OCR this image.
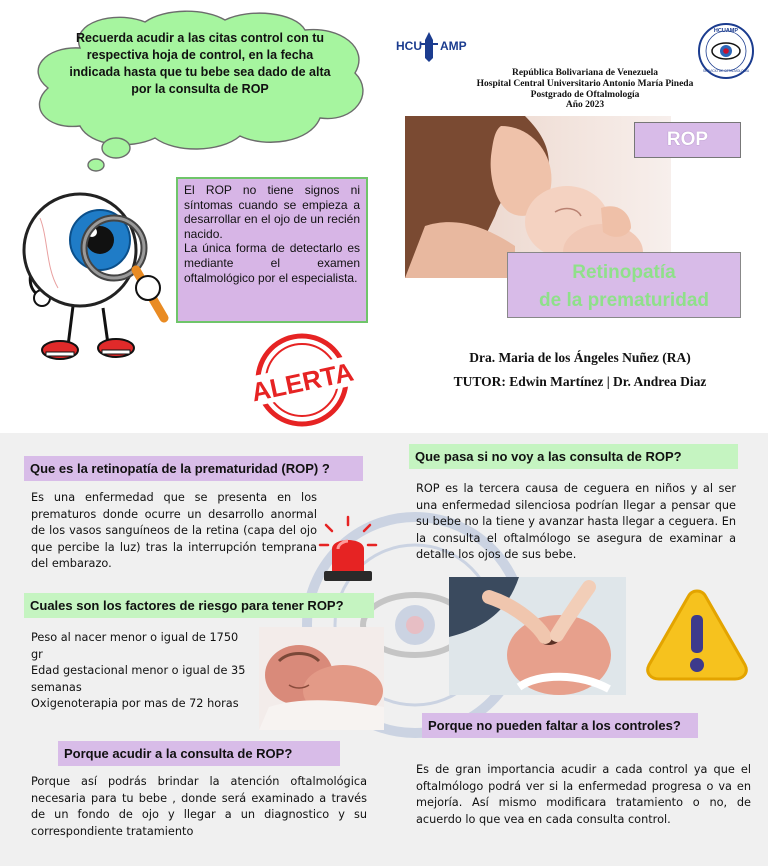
Recuerda acudir a las citas control con tu respectiva hoja de control, en la fecha indicada hasta que tu bebe sea dado de alta por la consulta de ROP

El ROP no tiene signos ni síntomas cuando se empieza a desarrollar en el ojo de un recién nacido.

La única forma de detectarlo es mediante el examen oftalmológico por el especialista.

ALERTA
HCU AMP
HCUAMP
SERVICIO DE OFTALMOLOGIA
República Bolivariana de Venezuela
Hospital Central Universitario Antonio María Pineda
Postgrado de Oftalmología
Año 2023
ROP
Retinopatía
de la prematuridad
Dra. Maria de los Ángeles Nuñez (RA)
TUTOR: Edwin Martínez | Dr. Andrea Diaz
Que es la retinopatía de la prematuridad (ROP) ?
Es una enfermedad que se presenta en los prematuros donde ocurre un desarrollo anormal de los vasos sanguíneos de la retina (capa del ojo que percibe la luz) tras la interrupción temprana del embarazo.
Cuales son los factores de riesgo para tener ROP?
Peso al nacer menor o igual de 1750 gr
Edad gestacional menor o igual de 35 semanas
Oxigenoterapia por mas de 72 horas
Porque acudir a la consulta de ROP?
Porque así podrás brindar la atención oftalmológica necesaria para tu bebe , donde será examinado a través de un fondo de ojo y llegar a un diagnostico y su correspondiente tratamiento
Que pasa si no voy a las consulta de ROP?
ROP es la tercera causa de ceguera en niños y al ser una enfermedad silenciosa podrían llegar a pensar que su bebe no la tiene y avanzar hasta llegar a ceguera. En la consulta el oftalmólogo se asegura de examinar a detalle los ojos de sus bebe.
Porque no pueden faltar a los controles?
Es de gran importancia acudir a cada control ya que el oftalmólogo podrá ver si la enfermedad progresa o va en mejoría. Así mismo modificara tratamiento o no, de acuerdo lo que vea en cada consulta control.
